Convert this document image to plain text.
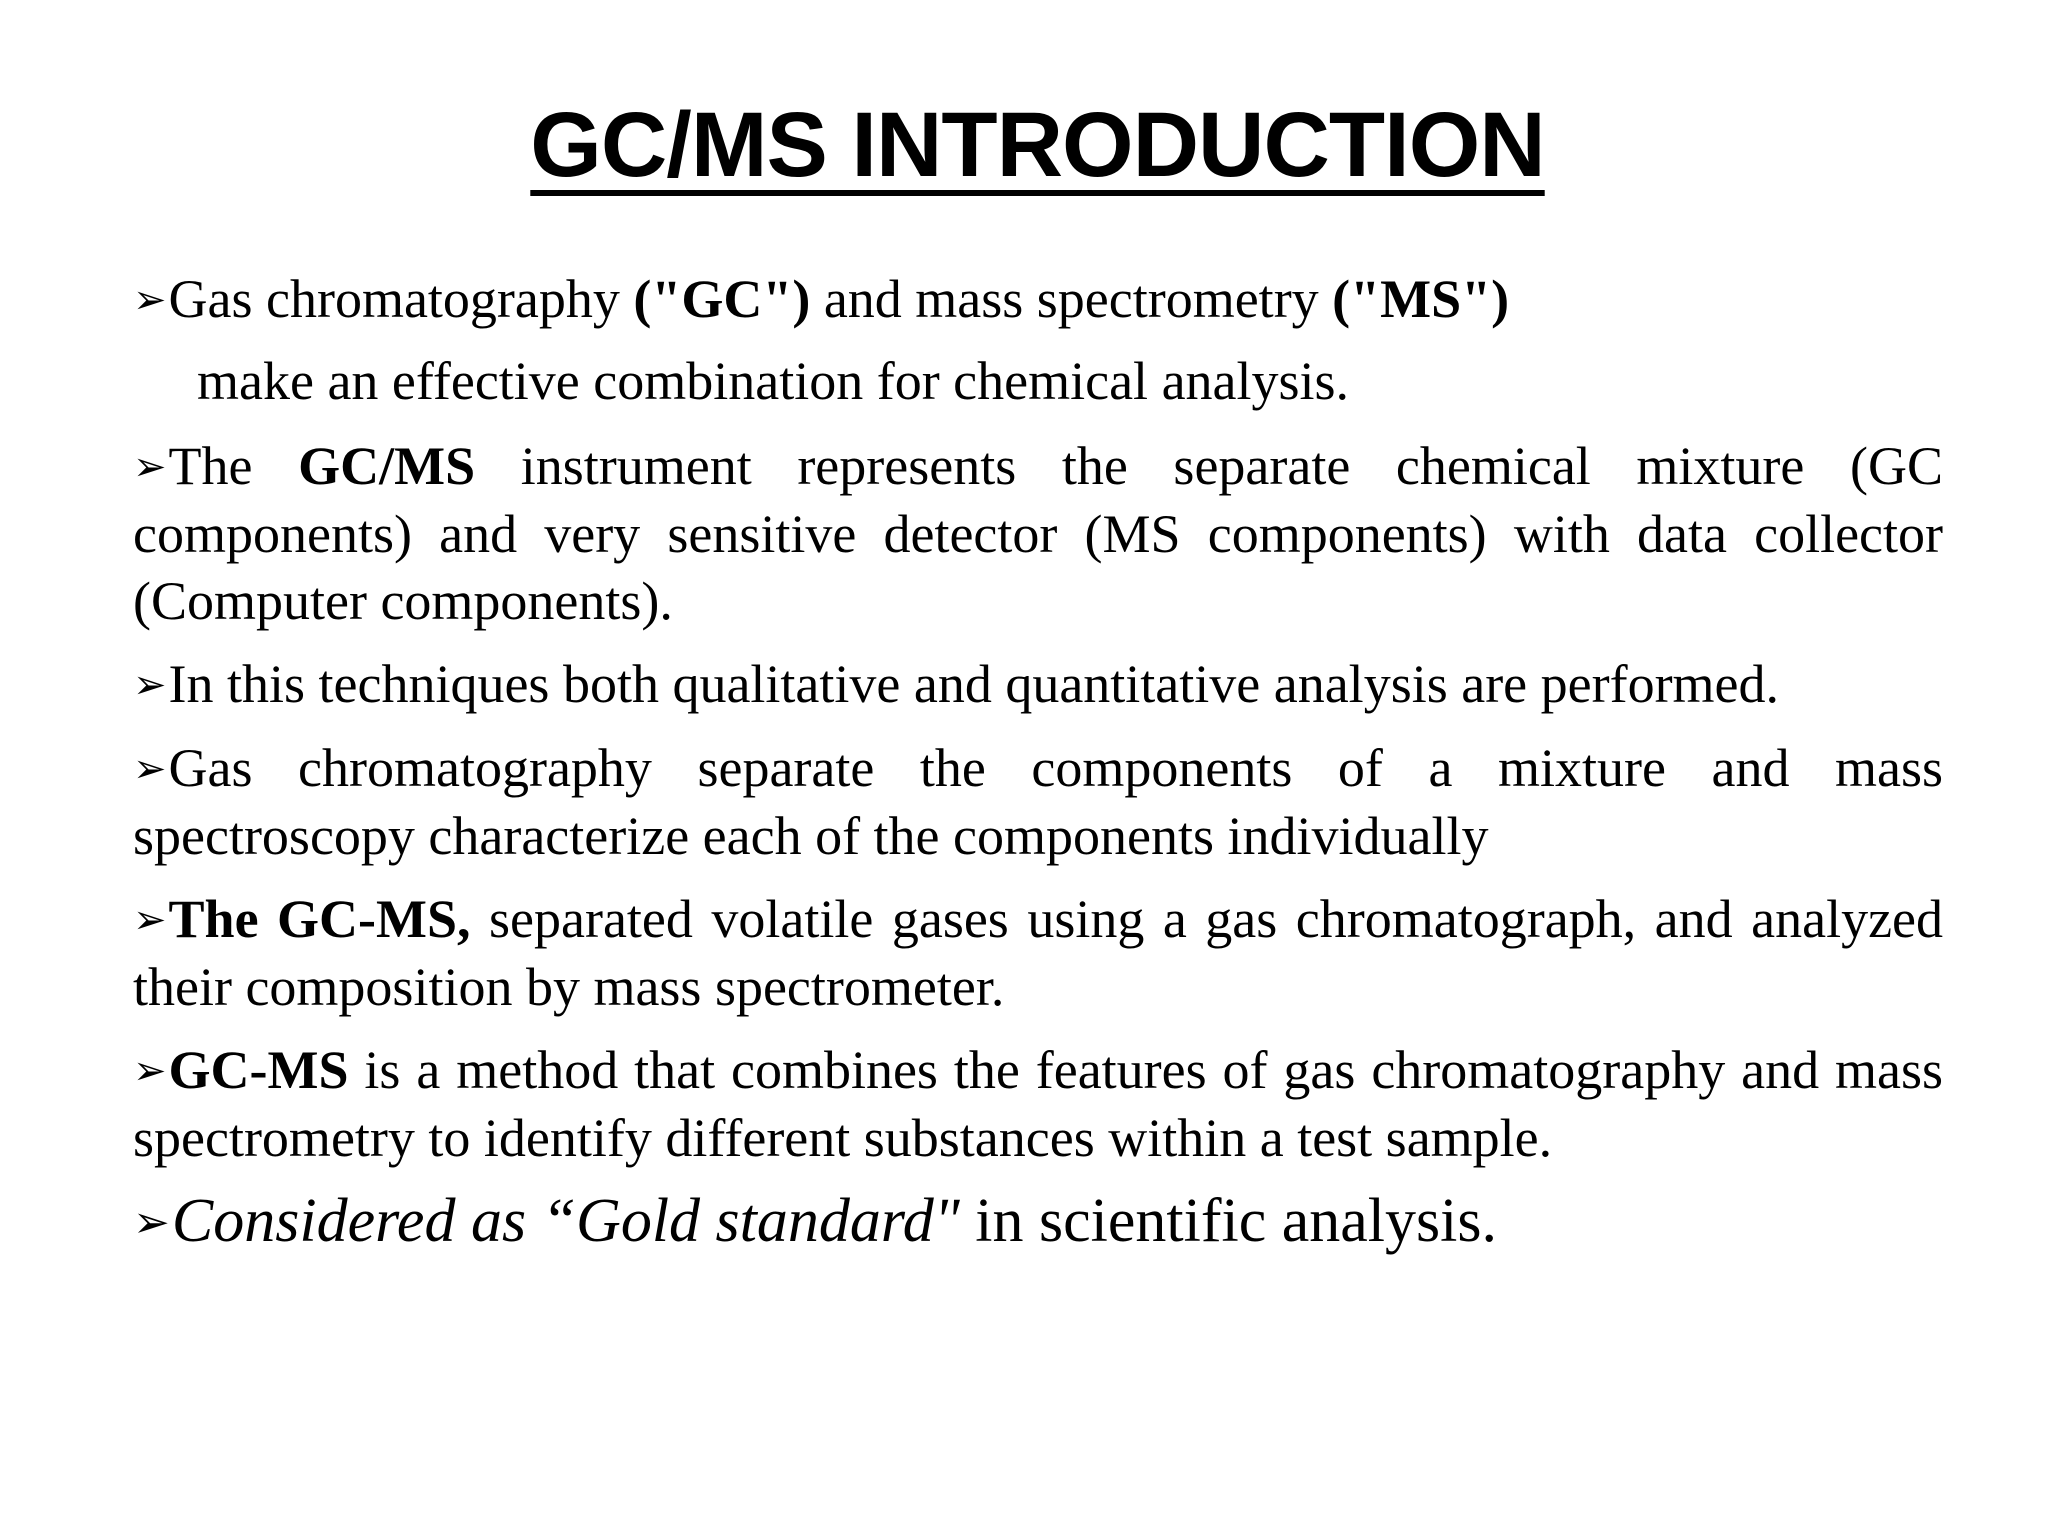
GC/MS INTRODUCTION
➢Gas chromatography ("GC") and mass spectrometry ("MS")
make an effective combination for chemical analysis.
➢The GC/MS instrument represents the separate chemical mixture (GC components) and very sensitive detector (MS components) with data collector (Computer components).
➢In this techniques both qualitative and quantitative analysis are performed.
➢Gas chromatography separate the components of a mixture and mass spectroscopy characterize each of the components individually
➢The GC-MS, separated volatile gases using a gas chromatograph, and analyzed their composition by mass spectrometer.
➢GC-MS is a method that combines the features of gas chromatography and mass spectrometry to identify different substances within a test sample.
➢Considered as “Gold standard" in scientific analysis.
